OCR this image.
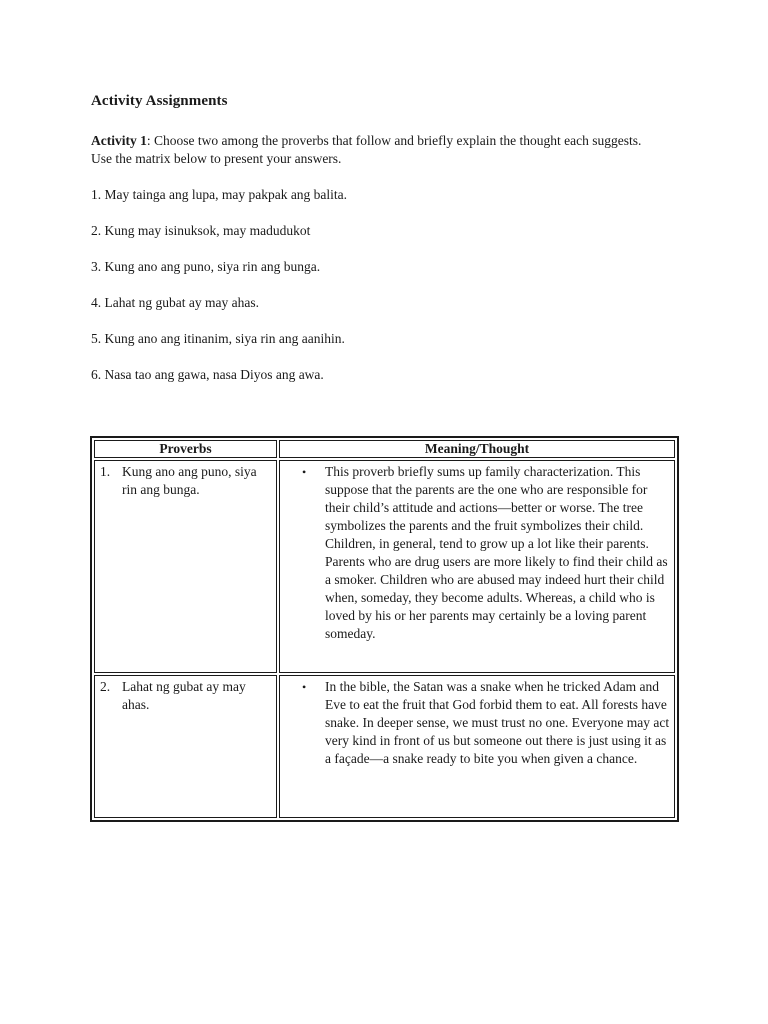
Activity Assignments
Activity 1: Choose two among the proverbs that follow and briefly explain the thought each suggests. Use the matrix below to present your answers.
1. May tainga ang lupa, may pakpak ang balita.
2. Kung may isinuksok, may madudukot
3. Kung ano ang puno, siya rin ang bunga.
4. Lahat ng gubat ay may ahas.
5. Kung ano ang itinanim, siya rin ang aanihin.
6. Nasa tao ang gawa, nasa Diyos ang awa.
Proverbs	Meaning/Thought

1. Kung ano ang puno, siya rin ang bunga.	• This proverb briefly sums up family characterization. This suppose that the parents are the one who are responsible for their child’s attitude and actions—better or worse. The tree symbolizes the parents and the fruit symbolizes their child. Children, in general, tend to grow up a lot like their parents. Parents who are drug users are more likely to find their child as a smoker. Children who are abused may indeed hurt their child when, someday, they become adults. Whereas, a child who is loved by his or her parents may certainly be a loving parent someday.

2. Lahat ng gubat ay may ahas.	• In the bible, the Satan was a snake when he tricked Adam and Eve to eat the fruit that God forbid them to eat. All forests have snake. In deeper sense, we must trust no one. Everyone may act very kind in front of us but someone out there is just using it as a façade—a snake ready to bite you when given a chance.
